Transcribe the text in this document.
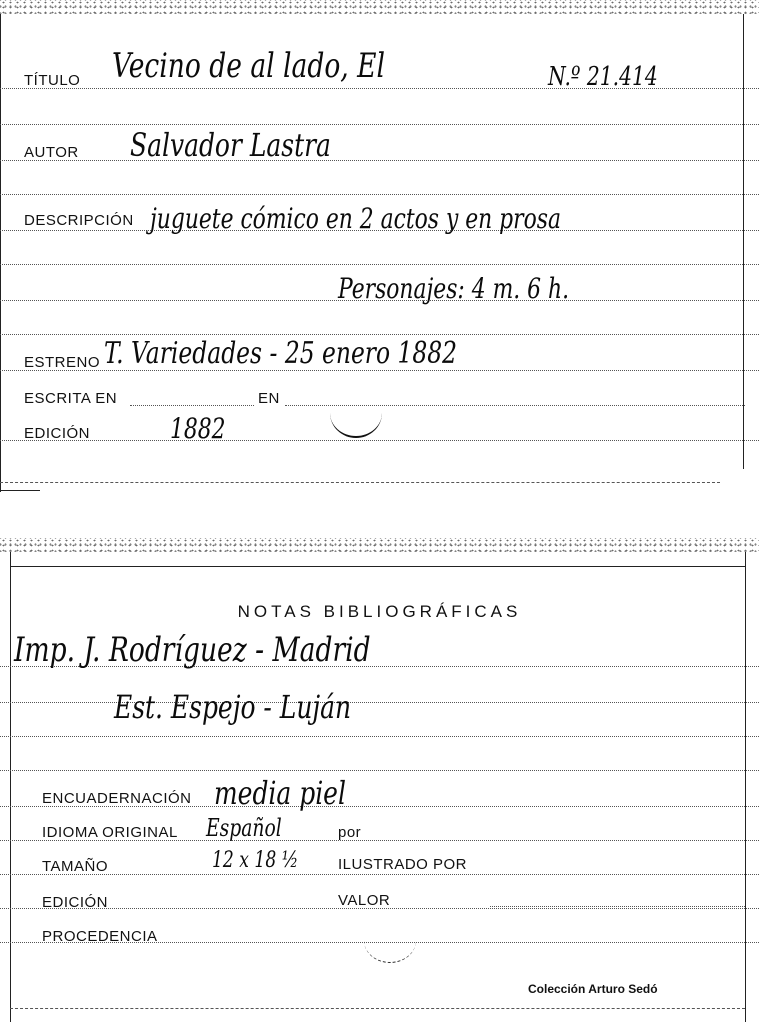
TÍTULO Vecino de al lado, El	N.º 21.414
AUTOR Salvador Lastra
DESCRIPCIÓN juguete cómico en 2 actos y en prosa
Personajes: 4 m. 6 h.
ESTRENO T. Variedades - 25 enero 1882
ESCRITA EN	EN
EDICIÓN	1882
NOTAS BIBLIOGRÁFICAS
Imp. J. Rodríguez - Madrid
Est. Espejo - Luján
ENCUADERNACIÓN media piel
IDIOMA ORIGINAL Español	por
TAMAÑO	12 x 18 ½	ILUSTRADO POR
EDICIÓN	VALOR
PROCEDENCIA
Colección Arturo Sedó
